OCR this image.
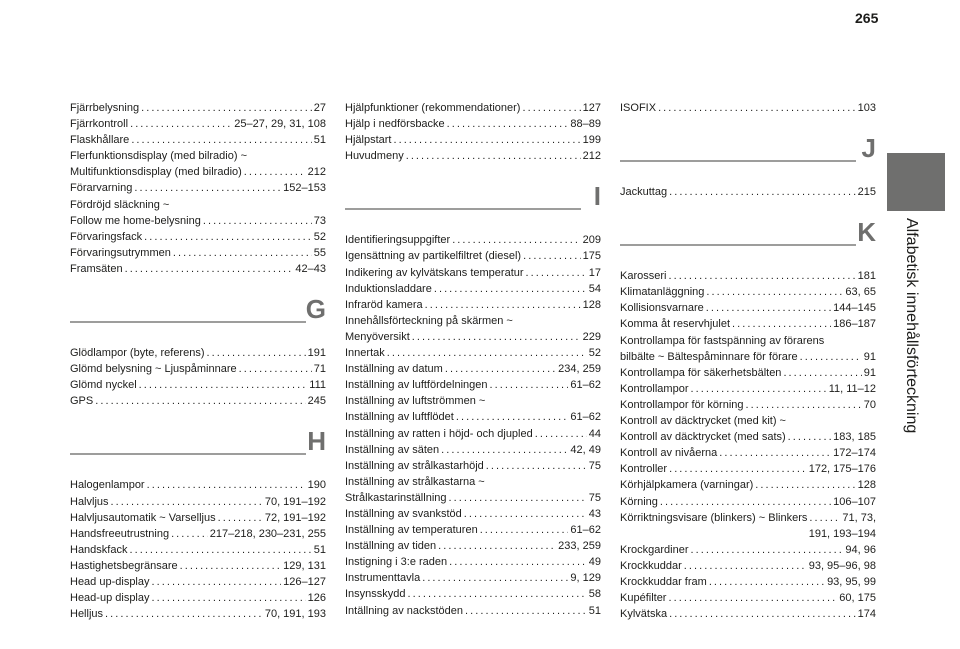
265
Alfabetisk innehållsförteckning
Fjärrbelysning . . .	27
Fjärrkontroll . . .	25–27, 29, 31, 108
Flaskhållare . . .	51
Flerfunktionsdisplay (med bilradio) ~
Multifunktionsdisplay (med bilradio) . . .	212
Förarvarning . . .	152–153
Fördröjd släckning ~
Follow me home-belysning . . .	73
Förvaringsfack . . .	52
Förvaringsutrymmen . . .	55
Framsäten . . .	42–43
G
Glödlampor (byte, referens) . . .	191
Glömd belysning ~ Ljuspåminnare . . .	71
Glömd nyckel . . .	111
GPS . . .	245
H
Halogenlampor . . .	190
Halvljus . . .	70, 191–192
Halvljusautomatik ~ Varselljus . . .	72, 191–192
Handsfreeutrustning . . .	217–218, 230–231, 255
Handskfack . . .	51
Hastighetsbegränsare . . .	129, 131
Head up-display . . .	126–127
Head-up display . . .	126
Helljus . . .	70, 191, 193
Hjälpfunktioner (rekommendationer) . . .	127
Hjälp i nedförsbacke . . .	88–89
Hjälpstart . . .	199
Huvudmeny . . .	212
I
Identifieringsuppgifter . . .	209
Igensättning av partikelfiltret (diesel) . . .	175
Indikering av kylvätskans temperatur . . .	17
Induktionsladdare . . .	54
Infraröd kamera . . .	128
Innehållsförteckning på skärmen ~
Menyöversikt . . .	229
Innertak . . .	52
Inställning av datum . . .	234, 259
Inställning av luftfördelningen . . .	61–62
Inställning av luftströmmen ~
Inställning av luftflödet . . .	61–62
Inställning av ratten i höjd- och djupled . . .	44
Inställning av säten . . .	42, 49
Inställning av strålkastarhöjd . . .	75
Inställning av strålkastarna ~
Strålkastarinställning . . .	75
Inställning av svankstöd . . .	43
Inställning av temperaturen . . .	61–62
Inställning av tiden . . .	233, 259
Instigning i 3:e raden . . .	49
Instrumenttavla . . .	9, 129
Insynsskydd . . .	58
Intällning av nackstöden . . .	51
ISOFIX . . .	103
J
Jackuttag . . .	215
K
Karosseri . . .	181
Klimatanläggning . . .	63, 65
Kollisionsvarnare . . .	144–145
Komma åt reservhjulet . . .	186–187
Kontrollampa för fastspänning av förarens
bilbälte ~ Bältespåminnare för förare . . .	91
Kontrollampa för säkerhetsbälten . . .	91
Kontrollampor . . .	11, 11–12
Kontrollampor för körning . . .	70
Kontroll av däcktrycket (med kit) ~
Kontroll av däcktrycket (med sats) . . .	183, 185
Kontroll av nivåerna . . .	172–174
Kontroller . . .	172, 175–176
Körhjälpkamera (varningar) . . .	128
Körning . . .	106–107
Körriktningsvisare (blinkers) ~ Blinkers . . .	71, 73,
191, 193–194
Krockgardiner . . .	94, 96
Krockkuddar . . .	93, 95–96, 98
Krockkuddar fram . . .	93, 95, 99
Kupéfilter . . .	60, 175
Kylvätska . . .	174
